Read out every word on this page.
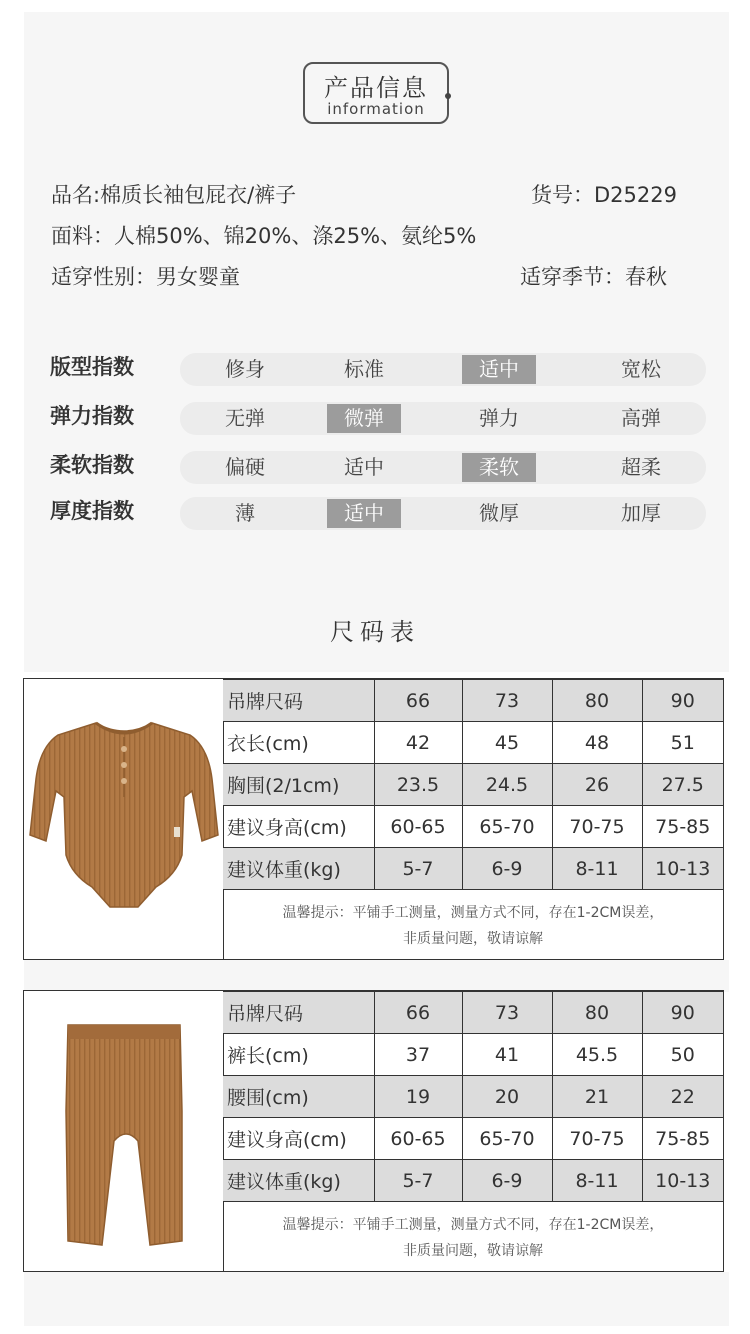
产品信息
information
品名:棉质长袖包屁衣/裤子	货号：D25229
面料：人棉50%、锦20%、涤25%、氨纶5%
适穿性别：男女婴童	适穿季节：春秋
版型指数	修身	标准	适中	宽松
弹力指数	无弹	微弹	弹力	高弹
柔软指数	偏硬	适中	柔软	超柔
厚度指数	薄	适中	微厚	加厚
尺码表
吊牌尺码	66	73	80	90
衣长(cm)	42	45	48	51
胸围(2/1cm)	23.5	24.5	26	27.5
建议身高(cm)	60-65	65-70	70-75	75-85
建议体重(kg)	5-7	6-9	8-11	10-13
温馨提示：平铺手工测量，测量方式不同，存在1-2CM误差，
非质量问题，敬请谅解
吊牌尺码	66	73	80	90
裤长(cm)	37	41	45.5	50
腰围(cm)	19	20	21	22
建议身高(cm)	60-65	65-70	70-75	75-85
建议体重(kg)	5-7	6-9	8-11	10-13
温馨提示：平铺手工测量，测量方式不同，存在1-2CM误差，
非质量问题，敬请谅解
